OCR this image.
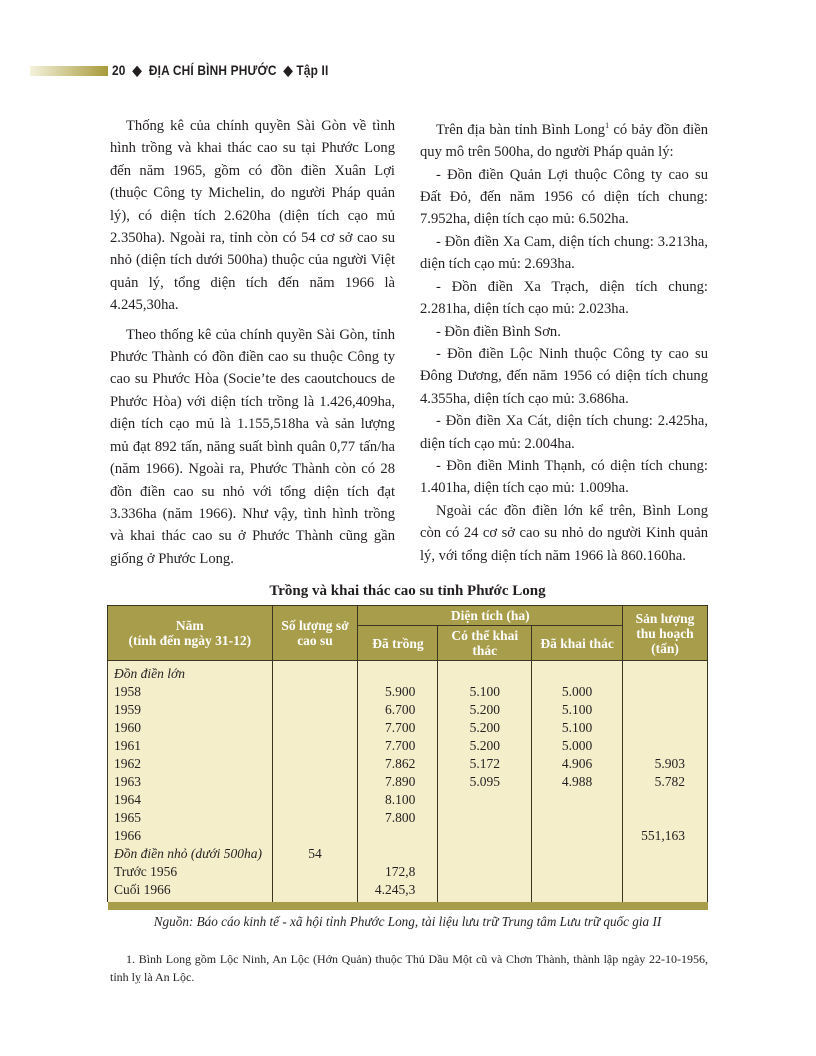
20 ◆ ĐỊA CHÍ BÌNH PHƯỚC ◆ Tập II

Thống kê của chính quyền Sài Gòn về tình hình trồng và khai thác cao su tại Phước Long đến năm 1965, gồm có đồn điền Xuân Lợi (thuộc Công ty Michelin, do người Pháp quản lý), có diện tích 2.620ha (diện tích cạo mủ 2.350ha). Ngoài ra, tỉnh còn có 54 cơ sở cao su nhỏ (diện tích dưới 500ha) thuộc của người Việt quản lý, tổng diện tích đến năm 1966 là 4.245,30ha.

Theo thống kê của chính quyền Sài Gòn, tỉnh Phước Thành có đồn điền cao su thuộc Công ty cao su Phước Hòa (Socie’te des caoutchoucs de Phước Hòa) với diện tích trồng là 1.426,409ha, diện tích cạo mủ là 1.155,518ha và sản lượng mủ đạt 892 tấn, năng suất bình quân 0,77 tấn/ha (năm 1966). Ngoài ra, Phước Thành còn có 28 đồn điền cao su nhỏ với tổng diện tích đạt 3.336ha (năm 1966). Như vậy, tình hình trồng và khai thác cao su ở Phước Thành cũng gần giống ở Phước Long.

Trên địa bàn tỉnh Bình Long$^1$ có bảy đồn điền quy mô trên 500ha, do người Pháp quản lý:

- Đồn điền Quản Lợi thuộc Công ty cao su Đất Đỏ, đến năm 1956 có diện tích chung: 7.952ha, diện tích cạo mủ: 6.502ha.

- Đồn điền Xa Cam, diện tích chung: 3.213ha, diện tích cạo mủ: 2.693ha.

- Đồn điền Xa Trạch, diện tích chung: 2.281ha, diện tích cạo mủ: 2.023ha.

- Đồn điền Bình Sơn.

- Đồn điền Lộc Ninh thuộc Công ty cao su Đông Dương, đến năm 1956 có diện tích chung 4.355ha, diện tích cạo mủ: 3.686ha.

- Đồn điền Xa Cát, diện tích chung: 2.425ha, diện tích cạo mủ: 2.004ha.

- Đồn điền Minh Thạnh, có diện tích chung: 1.401ha, diện tích cạo mủ: 1.009ha.

Ngoài các đồn điền lớn kể trên, Bình Long còn có 24 cơ sở cao su nhỏ do người Kinh quản lý, với tổng diện tích năm 1966 là 860.160ha.

Trồng và khai thác cao su tỉnh Phước Long
Năm
(tính đến ngày 31-12)	Số lượng sở cao su	Diện tích (ha)			Sản lượng thu hoạch (tấn)
		Đã trồng	Có thể khai thác	Đã khai thác	
Đồn điền lớn					
1958		5.900	5.100	5.000	
1959		6.700	5.200	5.100	
1960		7.700	5.200	5.100	
1961		7.700	5.200	5.000	
1962		7.862	5.172	4.906	5.903
1963		7.890	5.095	4.988	5.782
1964		8.100			
1965		7.800			
1966					551,163
Đồn điền nhỏ (dưới 500ha)	54				
Trước 1956		172,8			
Cuối 1966		4.245,3			

Nguồn: Báo cáo kinh tế - xã hội tỉnh Phước Long, tài liệu lưu trữ Trung tâm Lưu trữ quốc gia II
1. Bình Long gồm Lộc Ninh, An Lộc (Hớn Quản) thuộc Thủ Dầu Một cũ và Chơn Thành, thành lập ngày 22-10-1956, tỉnh lỵ là An Lộc.
